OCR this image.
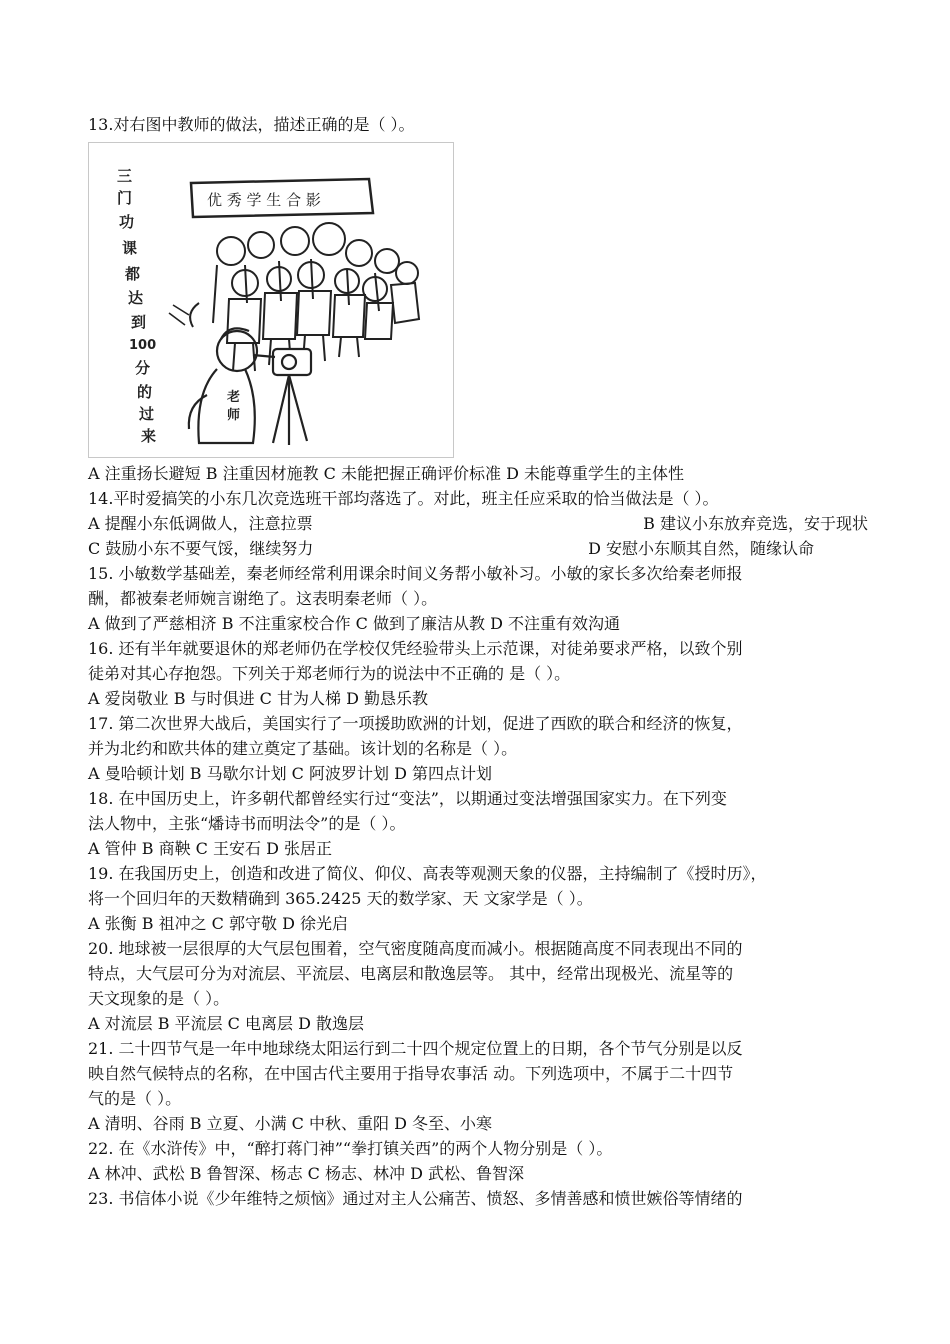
13.对右图中教师的做法，描述正确的是（ ）。
三
门
功
课
都
达
到
100
分
的
过
来
优 秀 学 生 合 影
老
师
A 注重扬长避短 B 注重因材施教 C 未能把握正确评价标准 D 未能尊重学生的主体性
14.平时爱搞笑的小东几次竞选班干部均落选了。对此，班主任应采取的恰当做法是（ ）。
A 提醒小东低调做人，注意拉票	B 建议小东放弃竞选，安于现状
C 鼓励小东不要气馁，继续努力	D 安慰小东顺其自然，随缘认命
15. 小敏数学基础差，秦老师经常利用课余时间义务帮小敏补习。小敏的家长多次给秦老师报
酬，都被秦老师婉言谢绝了。这表明秦老师（ ）。
A 做到了严慈相济 B 不注重家校合作 C 做到了廉洁从教 D 不注重有效沟通
16. 还有半年就要退休的郑老师仍在学校仅凭经验带头上示范课，对徒弟要求严格，以致个别
徒弟对其心存抱怨。下列关于郑老师行为的说法中不正确的 是（ ）。
A 爱岗敬业 B 与时俱进 C 甘为人梯 D 勤恳乐教
17. 第二次世界大战后，美国实行了一项援助欧洲的计划，促进了西欧的联合和经济的恢复，
并为北约和欧共体的建立奠定了基础。该计划的名称是（ ）。
A 曼哈顿计划 B 马歇尔计划 C 阿波罗计划 D 第四点计划
18. 在中国历史上，许多朝代都曾经实行过“变法”，以期通过变法增强国家实力。在下列变
法人物中，主张“燔诗书而明法令”的是（ ）。
A 管仲 B 商鞅 C 王安石 D 张居正
19. 在我国历史上，创造和改进了简仪、仰仪、高表等观测天象的仪器，主持编制了《授时历》，
将一个回归年的天数精确到 365.2425 天的数学家、天 文家学是（ ）。
A 张衡 B 祖冲之 C 郭守敬 D 徐光启
20. 地球被一层很厚的大气层包围着，空气密度随高度而减小。根据随高度不同表现出不同的
特点，大气层可分为对流层、平流层、电离层和散逸层等。 其中，经常出现极光、流星等的
天文现象的是（ ）。
A 对流层 B 平流层 C 电离层 D 散逸层
21. 二十四节气是一年中地球绕太阳运行到二十四个规定位置上的日期，各个节气分别是以反
映自然气候特点的名称，在中国古代主要用于指导农事活 动。下列选项中，不属于二十四节
气的是（ ）。
A 清明、谷雨 B 立夏、小满 C 中秋、重阳 D 冬至、小寒
22. 在《水浒传》中，“醉打蒋门神”“拳打镇关西”的两个人物分别是（ ）。
A 林冲、武松 B 鲁智深、杨志 C 杨志、林冲 D 武松、鲁智深
23. 书信体小说《少年维特之烦恼》通过对主人公痛苦、愤怒、多情善感和愤世嫉俗等情绪的
